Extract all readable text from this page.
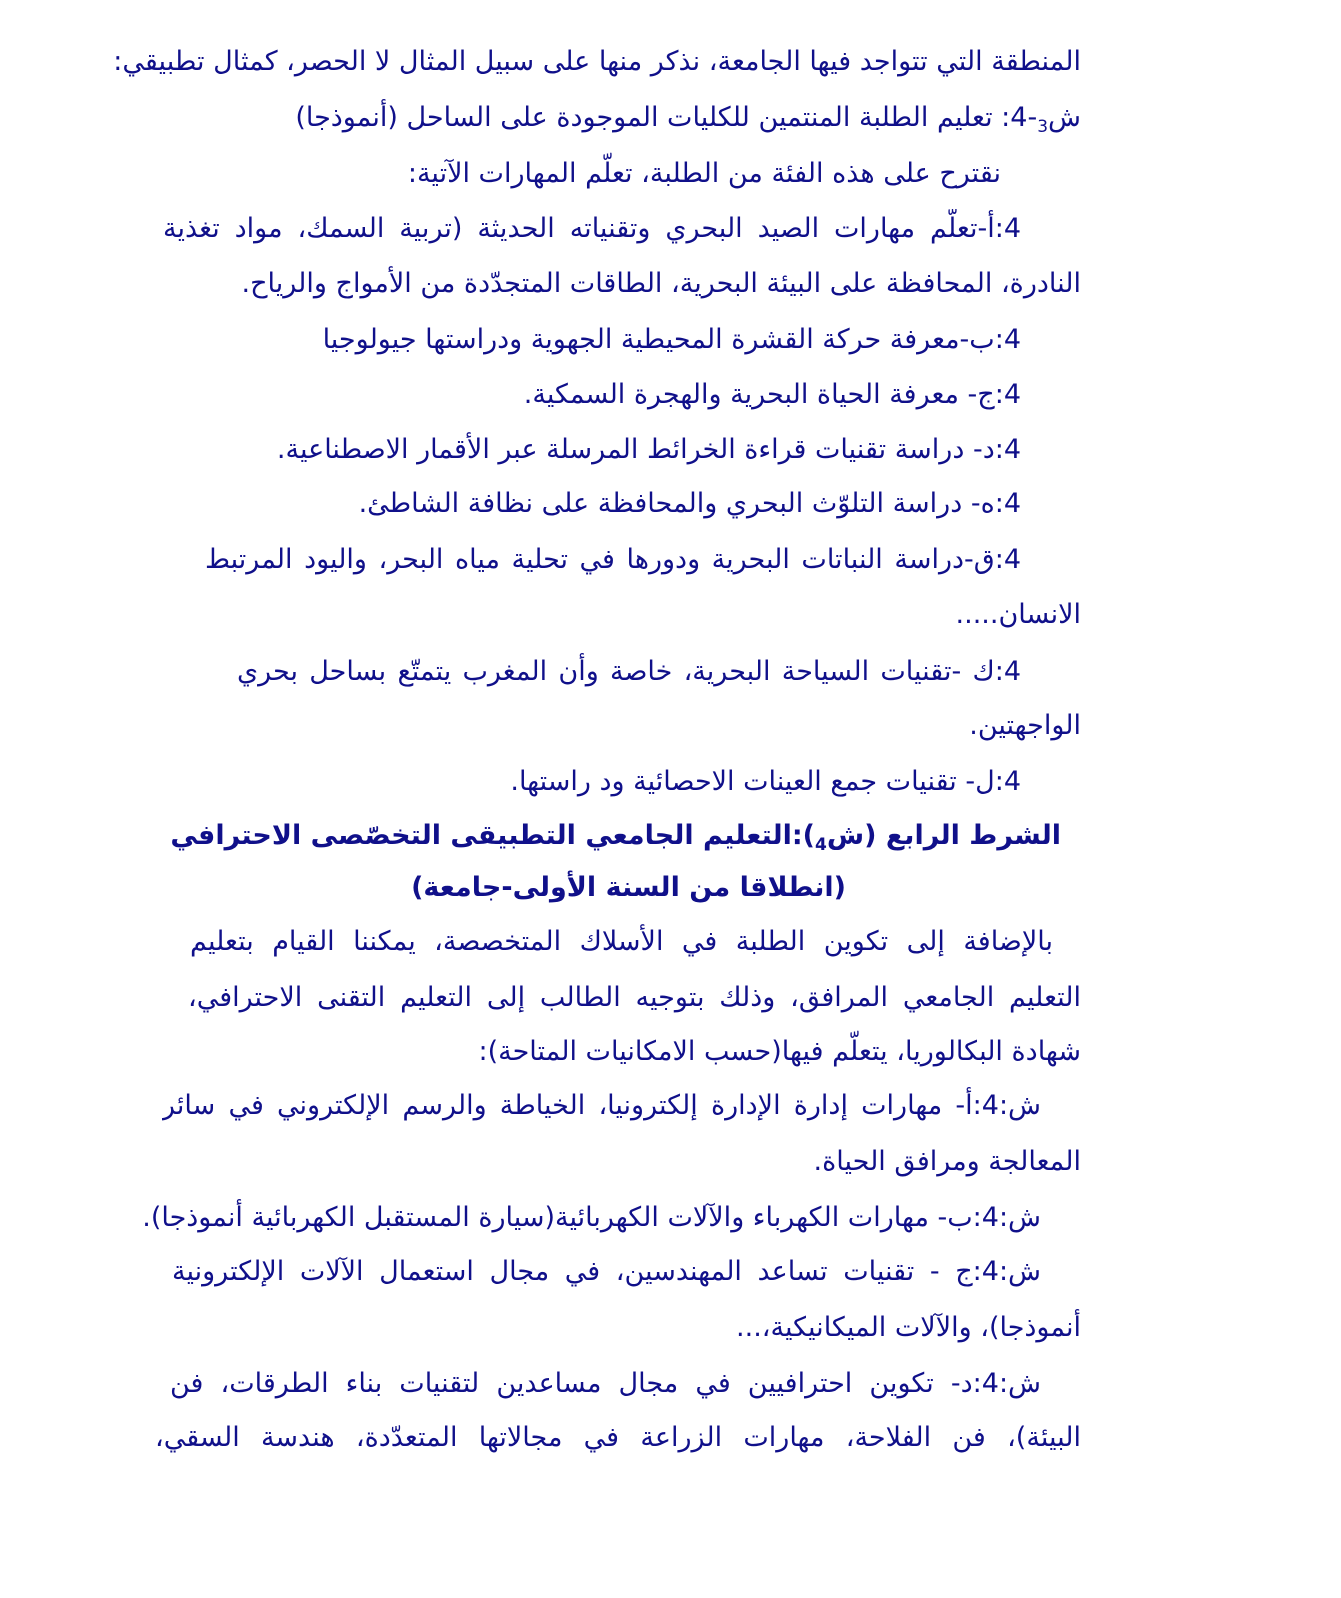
المنطقة التي تتواجد فيها الجامعة، نذكر منها على سبيل المثال لا الحصر، كمثال تطبيقي:
ش$_3$-4: تعليم الطلبة المنتمين للكليات الموجودة على الساحل (أنموذجا)
نقترح على هذه الفئة من الطلبة، تعلّم المهارات الآتية:
4:أ-تعلّم مهارات الصيد البحري وتقنياته الحديثة (تربية السمك، مواد تغذية
النادرة، المحافظة على البيئة البحرية، الطاقات المتجدّدة من الأمواج والرياح.
4:ب-معرفة حركة القشرة المحيطية الجهوية ودراستها جيولوجيا
4:ج- معرفة الحياة البحرية والهجرة السمكية.
4:د- دراسة تقنيات قراءة الخرائط المرسلة عبر الأقمار الاصطناعية.
4:ه- دراسة التلوّث البحري والمحافظة على نظافة الشاطئ.
4:ق-دراسة النباتات البحرية ودورها في تحلية مياه البحر، واليود المرتبط
الانسان.....
4:ك -تقنيات السياحة البحرية، خاصة وأن المغرب يتمتّع بساحل بحري
الواجهتين.
4:ل- تقنيات جمع العينات الاحصائية ود راستها.
الشرط الرابع (ش$_4$):التعليم الجامعي التطبيقى التخصّصى الاحترافي
(انطلاقا من السنة الأولى-جامعة)
بالإضافة إلى تكوين الطلبة في الأسلاك المتخصصة، يمكننا القيام بتعليم
التعليم الجامعي المرافق، وذلك بتوجيه الطالب إلى التعليم التقنى الاحترافي،
شهادة البكالوريا، يتعلّم فيها(حسب الامكانيات المتاحة):
ش:4:أ- مهارات إدارة الإدارة إلكترونيا، الخياطة والرسم الإلكتروني في سائر
المعالجة ومرافق الحياة.
ش:4:ب- مهارات الكهرباء والآلات الكهربائية(سيارة المستقبل الكهربائية أنموذجا).
ش:4:ج - تقنيات تساعد المهندسين، في مجال استعمال الآلات الإلكترونية
أنموذجا)، والآلات الميكانيكية،...
ش:4:د- تكوين احترافيين في مجال مساعدين لتقنيات بناء الطرقات، فن
البيئة)، فن الفلاحة، مهارات الزراعة في مجالاتها المتعدّدة، هندسة السقي،
